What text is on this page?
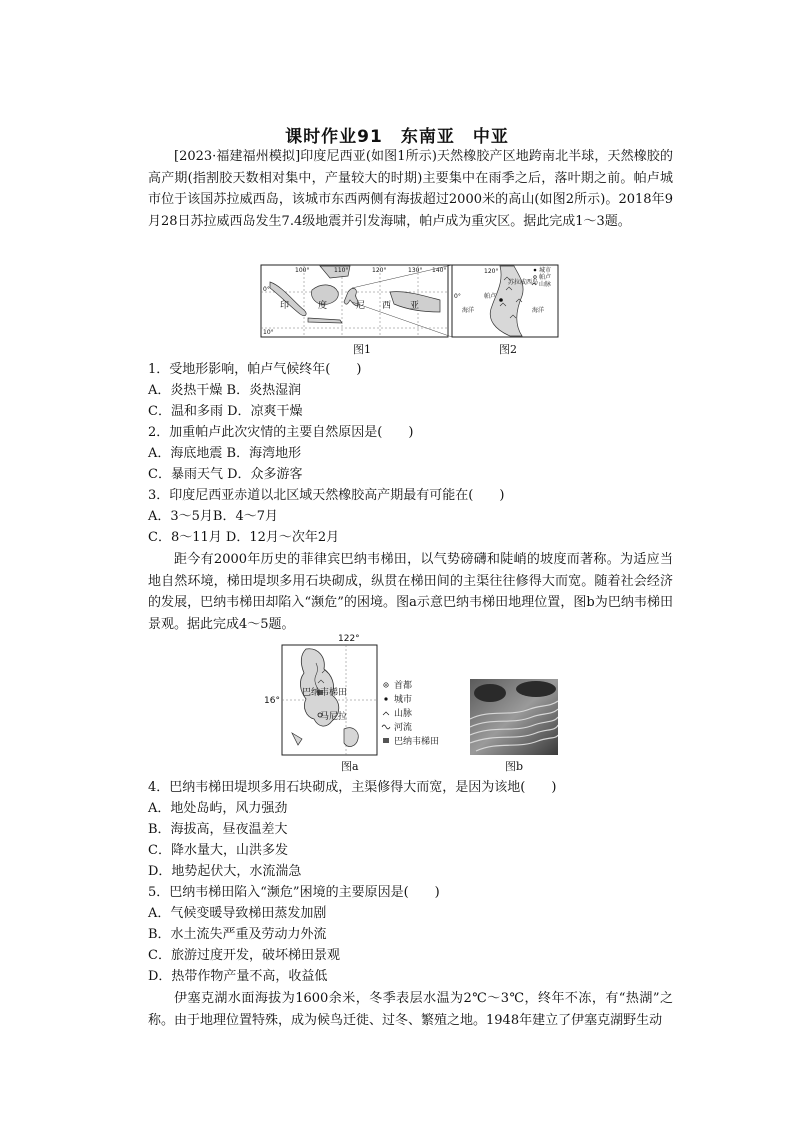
课时作业91　东南亚　中亚

[2023·福建福州模拟]印度尼西亚(如图1所示)天然橡胶产区地跨南北半球，天然橡胶的高产期(指割胶天数相对集中，产量较大的时期)主要集中在雨季之后，落叶期之前。帕卢城市位于该国苏拉威西岛，该城市东西两侧有海拔超过2000米的高山(如图2所示)。2018年9月28日苏拉威西岛发生7.4级地震并引发海啸，帕卢成为重灾区。据此完成1～3题。

100°	110°	120°	130° 140°
0°
10°
印	度	尼 西 亚
120°
0°	帕卢
苏拉威西岛
海洋	海洋
城市
帕卢
山脉
图1	图2
1．受地形影响，帕卢气候终年(　　)
A．炎热干燥 B．炎热湿润
C．温和多雨 D．凉爽干燥
2．加重帕卢此次灾情的主要自然原因是(　　)
A．海底地震 B．海湾地形
C．暴雨天气 D．众多游客
3．印度尼西亚赤道以北区域天然橡胶高产期最有可能在(　　)
A．3～5月B．4～7月
C．8～11月 D．12月～次年2月

距今有2000年历史的菲律宾巴纳韦梯田，以气势磅礴和陡峭的坡度而著称。为适应当地自然环境，梯田堤坝多用石块砌成，纵贯在梯田间的主渠往往修得大而宽。随着社会经济的发展，巴纳韦梯田却陷入“濒危”的困境。图a示意巴纳韦梯田地理位置，图b为巴纳韦梯田景观。据此完成4～5题。

122°
16°
巴纳韦梯田
马尼拉
首都
城市
山脉
河流
巴纳韦梯田
图a	图b
4．巴纳韦梯田堤坝多用石块砌成，主渠修得大而宽，是因为该地(　　)
A．地处岛屿，风力强劲
B．海拔高，昼夜温差大
C．降水量大，山洪多发
D．地势起伏大，水流湍急
5．巴纳韦梯田陷入“濒危”困境的主要原因是(　　)
A．气候变暖导致梯田蒸发加剧
B．水土流失严重及劳动力外流
C．旅游过度开发，破坏梯田景观
D．热带作物产量不高，收益低

伊塞克湖水面海拔为1600余米，冬季表层水温为2℃～3℃，终年不冻，有“热湖”之称。由于地理位置特殊，成为候鸟迁徙、过冬、繁殖之地。1948年建立了伊塞克湖野生动
